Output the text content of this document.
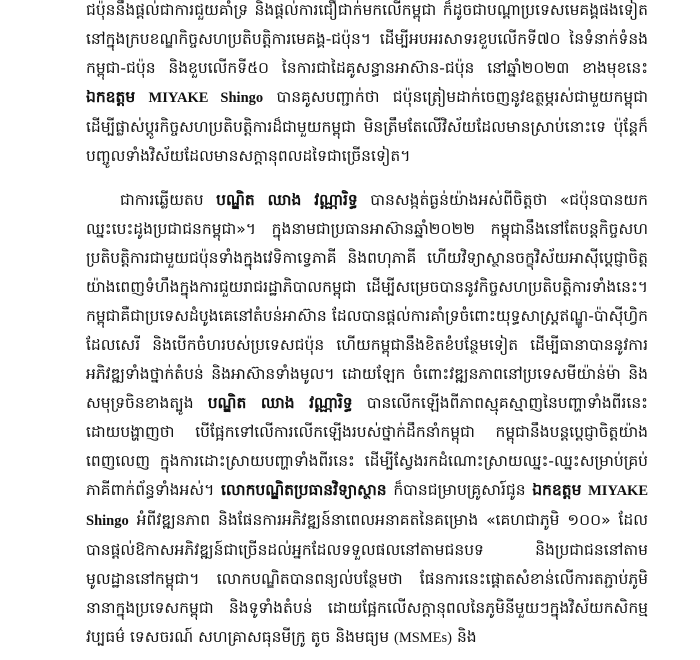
ជប៉ុននឹងផ្ដល់ជាការជួយគាំទ្រ និងផ្ដល់ការជឿជាក់មកលើកម្ពុជា ក៏ដូចជាបណ្ដាប្រទេសមេគង្គផងទៀត នៅក្នុងក្របខណ្ឌកិច្ចសហប្រតិបត្តិការមេគង្គ-ជប៉ុន។ ដើម្បីអបអរសាទរខួបលើកទី៧០ នៃទំនាក់ទំនងកម្ពុជា-ជប៉ុន និងខួបលើកទី៥០ នៃការជាដៃគូសន្ធានអាស៊ាន-ជប៉ុន នៅឆ្នាំ២០២៣ ខាងមុខនេះ ឯកឧត្ដម MIYAKE Shingo បានគូសបញ្ជាក់ថា ជប៉ុនត្រៀមដាក់ចេញនូវឧត្ថម្ភរស់ជាមួយកម្ពុជា ដើម្បីផ្លាស់ប្ដូរកិច្ចសហប្រតិបត្តិការដ៏ជាមួយកម្ពុជា មិនត្រឹមតែលើវិស័យដែលមានស្រាប់នោះទេ ប៉ុន្តែក៏បញ្ចូលទាំងវិស័យដែលមានសក្ដានុពលដទៃជាច្រើនទៀត។

ជាការឆ្លើយតប បណ្ឌិត ឈាង វណ្ណារិទ្ធ បានសង្កត់ធ្ងន់យ៉ាងអស់ពីចិត្តថា «ជប៉ុនបានយកឈ្នះបេះដូងប្រជាជនកម្ពុជា»។ ក្នុងនាមជាប្រធានអាស៊ានឆ្នាំ២០២២ កម្ពុជានឹងនៅតែបន្តកិច្ចសហប្រតិបត្តិការជាមួយជប៉ុនទាំងក្នុងវេទិកាទ្វេភាគី និងពហុភាគី ហើយវិទ្យាស្ថានចក្ខុវិស័យអាស៊ីប្ដេជ្ញាចិត្តយ៉ាងពេញទំហឹងក្នុងការជួយរាជរដ្ឋាភិបាលកម្ពុជា ដើម្បីសម្រេចបាននូវកិច្ចសហប្រតិបត្តិការទាំងនេះ។ កម្ពុជាគឺជាប្រទេសដំបូងគេនៅតំបន់អាស៊ាន ដែលបានផ្ដល់ការគាំទ្រចំពោះយុទ្ធសាស្ត្រឥណ្ឌូ-ប៉ាស៊ីហ្វិកដែលសេរី និងបើកចំហរបស់ប្រទេសជប៉ុន ហើយកម្ពុជានឹងខិតខំបន្ថែមទៀត ដើម្បីធានាបាននូវការអភិវឌ្ឍទាំងថ្នាក់តំបន់ និងអាស៊ានទាំងមូល។ ដោយឡែក ចំពោះវឌ្ឍនភាពនៅប្រទេសមីយ៉ាន់ម៉ា និងសមុទ្រចិនខាងត្បូង បណ្ឌិត ឈាង វណ្ណារិទ្ធ បានលើកឡើងពីភាពស្មុគស្មាញនៃបញ្ហាទាំងពីរនេះ ដោយបង្ហាញថា បើផ្អែកទៅលើការលើកឡើងរបស់ថ្នាក់ដឹកនាំកម្ពុជា កម្ពុជានឹងបន្តប្ដេជ្ញាចិត្តយ៉ាងពេញលេញ ក្នុងការដោះស្រាយបញ្ហាទាំងពីរនេះ ដើម្បីស្វែងរកដំណោះស្រាយឈ្នះ-ឈ្នះសម្រាប់គ្រប់ភាគីពាក់ព័ន្ធទាំងអស់។ លោកបណ្ឌិតប្រធានវិទ្យាស្ថាន ក៏បានជម្រាបគ្រូសារ៍ជូន ឯកឧត្ដម MIYAKE Shingo អំពីវឌ្ឍនភាព និងផែនការអភិវឌ្ឍន៍នាពេលអនាគតនៃគម្រោង «គេហជាភូមិ ១០០» ដែលបានផ្ដល់ឱកាសអភិវឌ្ឍន៍ជាច្រើនដល់អ្នកដែលទទួលផលនៅតាមជនបទ និងប្រជាជននៅតាមមូលដ្ឋាននៅកម្ពុជា។ លោកបណ្ឌិតបានពន្យល់បន្ថែមថា ផែនការនេះផ្ដោតសំខាន់លើការតភ្ជាប់ភូមិនានាក្នុងប្រទេសកម្ពុជា និងទូទាំងតំបន់ ដោយផ្អែកលើសក្ដានុពលនៃភូមិនីមួយៗក្នុងវិស័យកសិកម្ម វប្បធម៌ ទេសចរណ៍ សហគ្រាសធុនមីក្រូ តូច និងមធ្យម (MSMEs) និង
